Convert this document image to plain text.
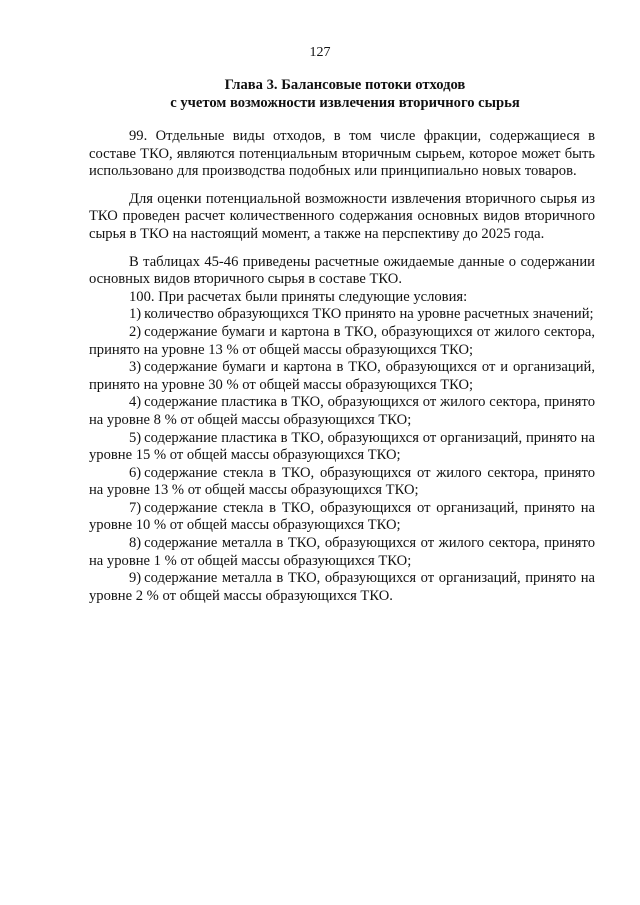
127
Глава 3. Балансовые потоки отходов
с учетом возможности извлечения вторичного сырья

99. Отдельные виды отходов, в том числе фракции, содержащиеся в составе ТКО, являются потенциальным вторичным сырьем, которое может быть использовано для производства подобных или принципиально новых товаров.

Для оценки потенциальной возможности извлечения вторичного сырья из ТКО проведен расчет количественного содержания основных видов вторичного сырья в ТКО на настоящий момент, а также на перспективу до 2025 года.

В таблицах 45-46 приведены расчетные ожидаемые данные о содержании основных видов вторичного сырья в составе ТКО.

100. При расчетах были приняты следующие условия:

1) количество образующихся ТКО принято на уровне расчетных значений;

2) содержание бумаги и картона в ТКО, образующихся от жилого сектора, принято на уровне 13 % от общей массы образующихся ТКО;

3) содержание бумаги и картона в ТКО, образующихся от и организаций, принято на уровне 30 % от общей массы образующихся ТКО;

4) содержание пластика в ТКО, образующихся от жилого сектора, принято на уровне 8 % от общей массы образующихся ТКО;

5) содержание пластика в ТКО, образующихся от организаций, принято на уровне 15 % от общей массы образующихся ТКО;

6) содержание стекла в ТКО, образующихся от жилого сектора, принято на уровне 13 % от общей массы образующихся ТКО;

7) содержание стекла в ТКО, образующихся от организаций, принято на уровне 10 % от общей массы образующихся ТКО;

8) содержание металла в ТКО, образующихся от жилого сектора, принято на уровне 1 % от общей массы образующихся ТКО;

9) содержание металла в ТКО, образующихся от организаций, принято на уровне 2 % от общей массы образующихся ТКО.
